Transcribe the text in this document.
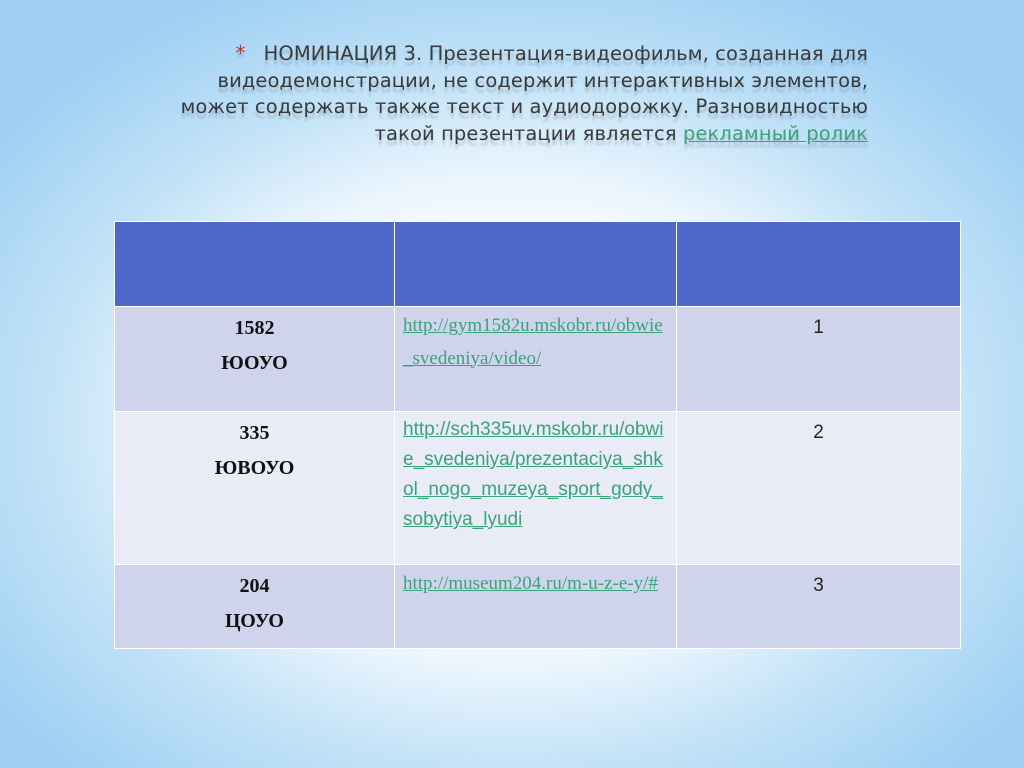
* НОМИНАЦИЯ 3. Презентация-видеофильм, созданная для видеодемонстрации, не содержит интерактивных элементов, может содержать также текст и аудиодорожку. Разновидностью такой презентации является рекламный ролик

1582
ЮОУО	http://gym1582u.mskobr.ru/obwie_svedeniya/video/	1

335
ЮВОУО	http://sch335uv.mskobr.ru/obwie_svedeniya/prezentaciya_shkol_nogo_muzeya_sport_gody_sobytiya_lyudi	2

204
ЦОУО	http://museum204.ru/m-u-z-e-y/#	3
